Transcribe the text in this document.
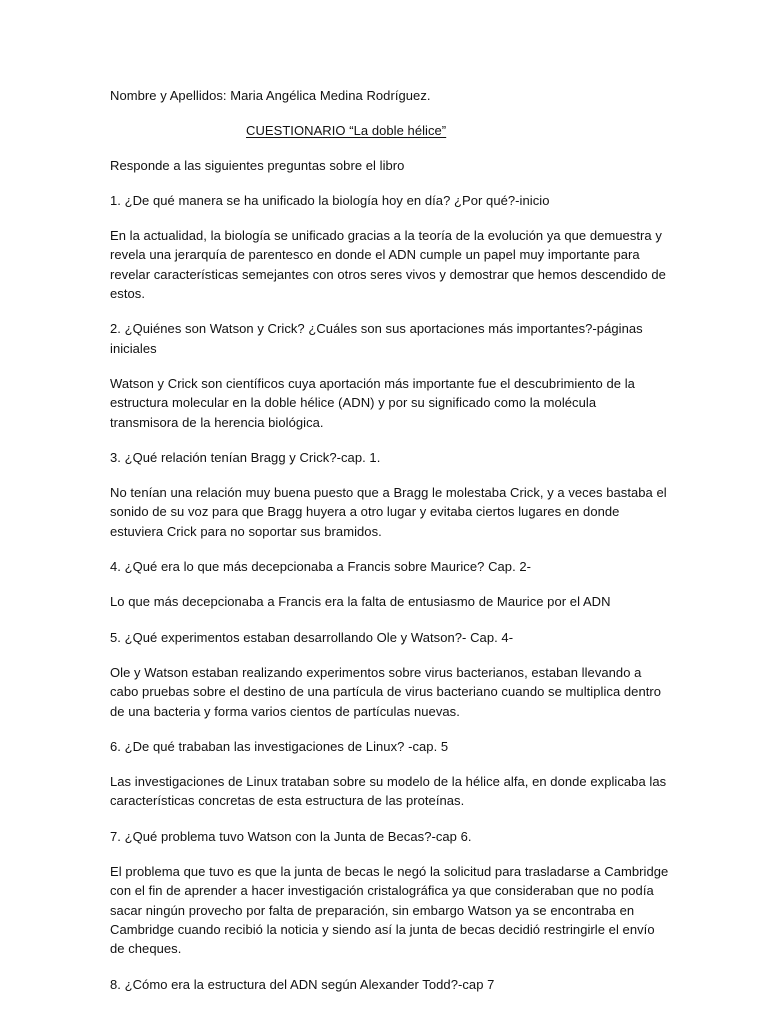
Nombre y Apellidos: Maria Angélica Medina Rodríguez.
CUESTIONARIO “La doble hélice”
Responde a las siguientes preguntas sobre el libro
1. ¿De qué manera se ha unificado la biología hoy en día? ¿Por qué?-inicio
En la actualidad, la biología se unificado gracias a la teoría de la evolución ya que demuestra y
revela una jerarquía de parentesco en donde el ADN cumple un papel muy importante para
revelar características semejantes con otros seres vivos y demostrar que hemos descendido de
estos.
2. ¿Quiénes son Watson y Crick? ¿Cuáles son sus aportaciones más importantes?-páginas
iniciales
Watson y Crick son científicos cuya aportación más importante fue el descubrimiento de la
estructura molecular en la doble hélice (ADN) y por su significado como la molécula
transmisora de la herencia biológica.
3. ¿Qué relación tenían Bragg y Crick?-cap. 1.
No tenían una relación muy buena puesto que a Bragg le molestaba Crick, y a veces bastaba el
sonido de su voz para que Bragg huyera a otro lugar y evitaba ciertos lugares en donde
estuviera Crick para no soportar sus bramidos.
4. ¿Qué era lo que más decepcionaba a Francis sobre Maurice? Cap. 2-
Lo que más decepcionaba a Francis era la falta de entusiasmo de Maurice por el ADN
5. ¿Qué experimentos estaban desarrollando Ole y Watson?- Cap. 4-
Ole y Watson estaban realizando experimentos sobre virus bacterianos, estaban llevando a
cabo pruebas sobre el destino de una partícula de virus bacteriano cuando se multiplica dentro
de una bacteria y forma varios cientos de partículas nuevas.
6. ¿De qué trababan las investigaciones de Linux? -cap. 5
Las investigaciones de Linux trataban sobre su modelo de la hélice alfa, en donde explicaba las
características concretas de esta estructura de las proteínas.
7. ¿Qué problema tuvo Watson con la Junta de Becas?-cap 6.
El problema que tuvo es que la junta de becas le negó la solicitud para trasladarse a Cambridge
con el fin de aprender a hacer investigación cristalográfica ya que consideraban que no podía
sacar ningún provecho por falta de preparación, sin embargo Watson ya se encontraba en
Cambridge cuando recibió la noticia y siendo así la junta de becas decidió restringirle el envío
de cheques.
8. ¿Cómo era la estructura del ADN según Alexander Todd?-cap 7
